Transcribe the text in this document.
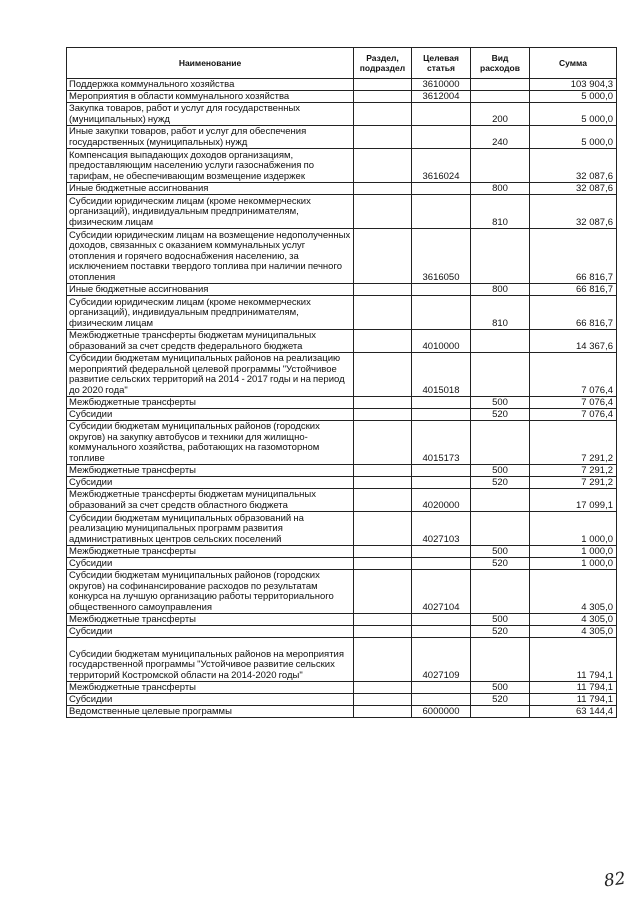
Наименование	Раздел, подраздел	Целевая статья	Вид расходов	Сумма
Поддержка коммунального хозяйства		3610000		103 904,3
Мероприятия в области коммунального хозяйства		3612004		5 000,0
Закупка товаров, работ и услуг для государственных (муниципальных) нужд			200	5 000,0
Иные закупки товаров, работ и услуг для обеспечения государственных (муниципальных) нужд			240	5 000,0
Компенсация выпадающих доходов организациям, предоставляющим населению услуги газоснабжения по тарифам, не обеспечивающим возмещение издержек		3616024		32 087,6
Иные бюджетные ассигнования			800	32 087,6
Субсидии юридическим лицам (кроме некоммерческих организаций), индивидуальным предпринимателям, физическим лицам			810	32 087,6
Субсидии юридическим лицам на возмещение недополученных доходов, связанных с оказанием коммунальных услуг отопления и горячего водоснабжения населению, за исключением поставки твердого топлива при наличии печного отопления		3616050		66 816,7
Иные бюджетные ассигнования			800	66 816,7
Субсидии юридическим лицам (кроме некоммерческих организаций), индивидуальным предпринимателям, физическим лицам			810	66 816,7
Межбюджетные трансферты бюджетам муниципальных образований за счет средств федерального бюджета		4010000		14 367,6
Субсидии бюджетам муниципальных районов на реализацию мероприятий федеральной целевой программы "Устойчивое развитие сельских территорий на 2014 - 2017 годы и на период до 2020 года"		4015018		7 076,4
Межбюджетные трансферты			500	7 076,4
Субсидии			520	7 076,4
Субсидии бюджетам муниципальных районов (городских округов) на закупку автобусов и техники для жилищно-коммунального хозяйства, работающих на газомоторном топливе		4015173		7 291,2
Межбюджетные трансферты			500	7 291,2
Субсидии			520	7 291,2
Межбюджетные трансферты бюджетам муниципальных образований за счет средств областного бюджета		4020000		17 099,1
Субсидии бюджетам муниципальных образований на реализацию муниципальных программ развития административных центров сельских поселений		4027103		1 000,0
Межбюджетные трансферты			500	1 000,0
Субсидии			520	1 000,0
Субсидии бюджетам муниципальных районов (городских округов) на софинансирование расходов по результатам конкурса на лучшую организацию работы территориального общественного самоуправления		4027104		4 305,0
Межбюджетные трансферты			500	4 305,0
Субсидии			520	4 305,0
Субсидии бюджетам муниципальных районов на мероприятия государственной программы "Устойчивое развитие сельских территорий Костромской области на 2014-2020 годы"		4027109		11 794,1
Межбюджетные трансферты			500	11 794,1
Субсидии			520	11 794,1
Ведомственные целевые программы		6000000		63 144,4
82
